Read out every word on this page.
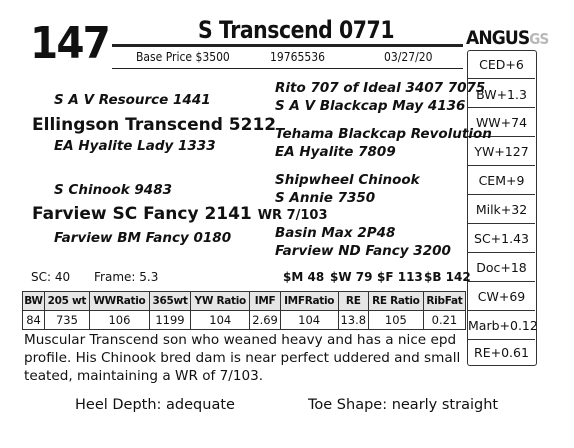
147	S Transcend 0771
Base Price $3500	19765536	03/27/20
ANGUSGS
CED+6
BW+1.3
WW+74
YW+127
CEM+9
Milk+32
SC+1.43
Doc+18
CW+69
Marb+0.12
RE+0.61
S A V Resource 1441
Ellingson Transcend 5212
EA Hyalite Lady 1333
S Chinook 9483
Farview SC Fancy 2141 WR 7/103
Farview BM Fancy 0180
Rito 707 of Ideal 3407 7075
S A V Blackcap May 4136
Tehama Blackcap Revolution
EA Hyalite 7809
Shipwheel Chinook
S Annie 7350
Basin Max 2P48
Farview ND Fancy 3200
SC: 40 Frame: 5.3	$M 48 $W 79 $F 113 $B 142
BW	205 wt	WWRatio	365wt	YW Ratio	IMF	IMFRatio	RE	RE Ratio	RibFat
84	735	106	1199	104	2.69	104	13.8	105	0.21
Muscular Transcend son who weaned heavy and has a nice epd profile. His Chinook bred dam is near perfect uddered and small teated, maintaining a WR of 7/103.
Heel Depth: adequate	Toe Shape: nearly straight
